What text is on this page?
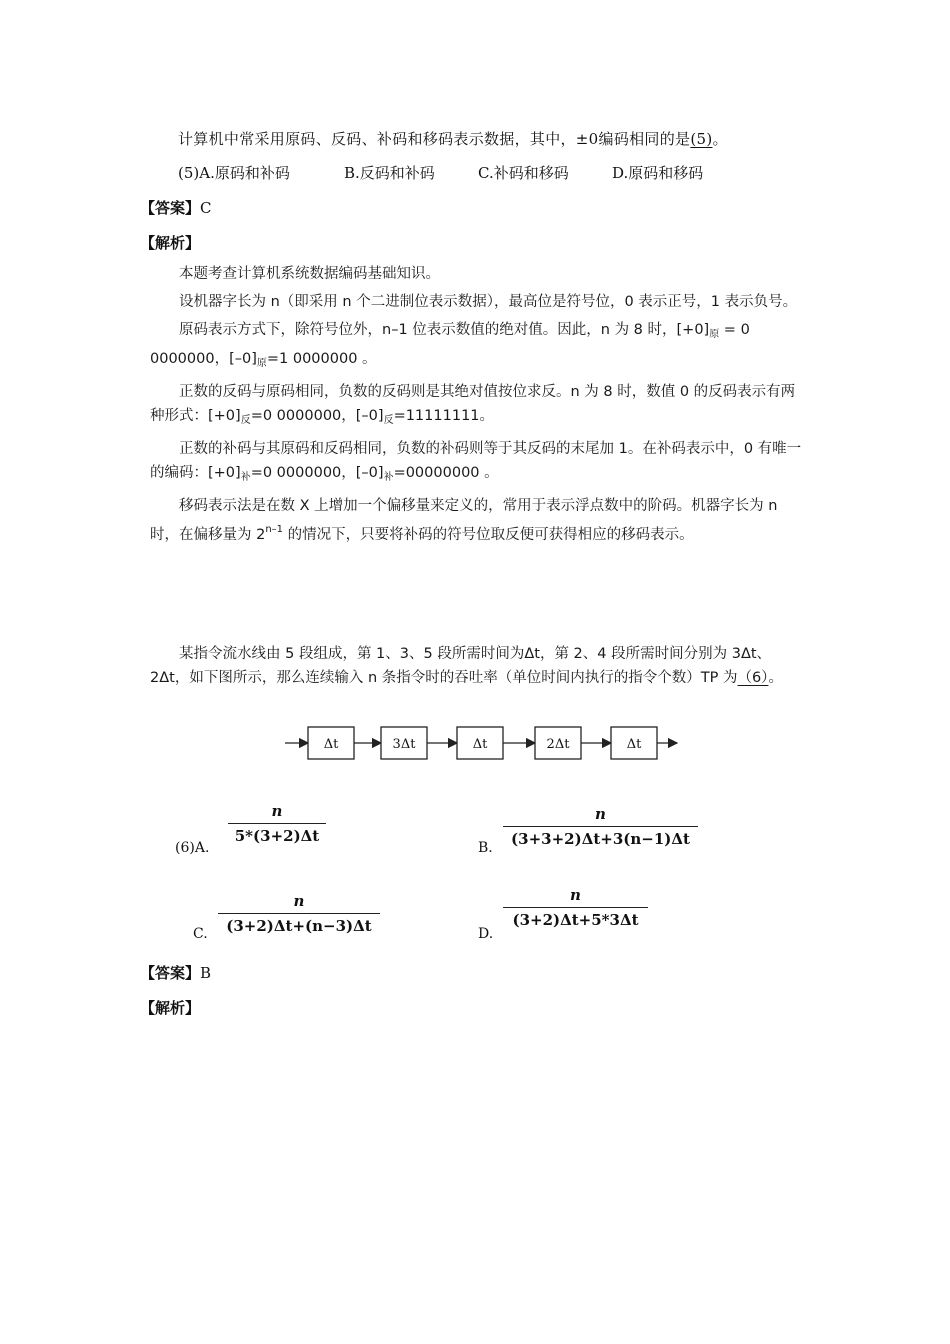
计算机中常采用原码、反码、补码和移码表示数据，其中，±0编码相同的是(5)。
(5)A.原码和补码	B.反码和补码	C.补码和移码	D.原码和移码
【答案】C
【解析】

本题考查计算机系统数据编码基础知识。

设机器字长为 n（即采用 n 个二进制位表示数据），最高位是符号位，0 表示正号，1 表示负号。

原码表示方式下，除符号位外，n–1 位表示数值的绝对值。因此，n 为 8 时，$[+0]_原 = 0$ 0000000，$[-0]_原=1$ 0000000 。

正数的反码与原码相同，负数的反码则是其绝对值按位求反。n 为 8 时，数值 0 的反码表示有两种形式：$[+0]_反=0$ 0000000，$[-0]_反=11111111$。

正数的补码与其原码和反码相同，负数的补码则等于其反码的末尾加 1。在补码表示中，0 有唯一的编码：$[+0]_补=0$ 0000000，$[-0]_补=00000000$ 。

移码表示法是在数 X 上增加一个偏移量来定义的，常用于表示浮点数中的阶码。机器字长为 n 时，在偏移量为 2$^{n-1}$ 的情况下，只要将补码的符号位取反便可获得相应的移码表示。

某指令流水线由 5 段组成，第 1、3、5 段所需时间为Δt，第 2、4 段所需时间分别为 3Δt、2Δt，如下图所示，那么连续输入 n 条指令时的吞吐率（单位时间内执行的指令个数）TP 为（6）。

Δt	3Δt	Δt	2Δt	Δt
(6)A.
n
5*(3+2)Δt
B.
n
(3+3+2)Δt+3(n−1)Δt
C.
n
(3+2)Δt+(n−3)Δt	D.
n
(3+2)Δt+5*3Δt
【答案】B
【解析】
